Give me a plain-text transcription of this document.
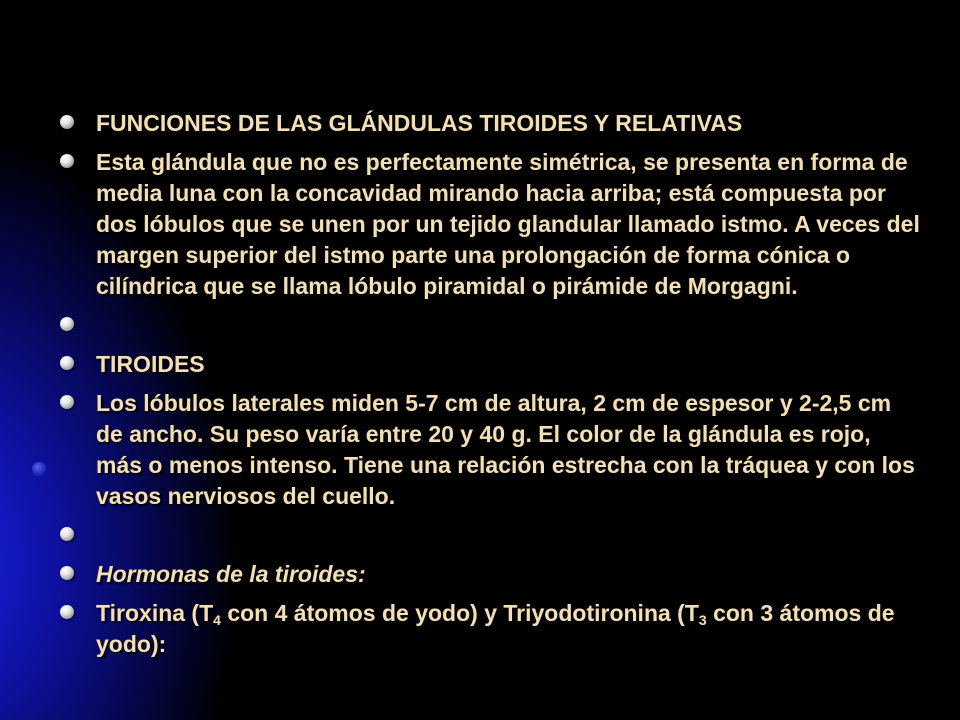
FUNCIONES DE LAS GLÁNDULAS TIROIDES Y RELATIVAS
Esta glándula que no es perfectamente simétrica, se presenta en forma de media luna con la concavidad mirando hacia arriba; está compuesta por dos lóbulos que se unen por un tejido glandular llamado istmo. A veces del margen superior del istmo parte una prolongación de forma cónica o cilíndrica que se llama lóbulo piramidal o pirámide de Morgagni.
TIROIDES
Los lóbulos laterales miden 5-7 cm de altura, 2 cm de espesor y 2-2,5 cm de ancho. Su peso varía entre 20 y 40 g. El color de la glándula es rojo, más o menos intenso. Tiene una relación estrecha con la tráquea y con los vasos nerviosos del cuello.
Hormonas de la tiroides:
Tiroxina ($T_4$ con 4 átomos de yodo) y Triyodotironina ($T_3$ con 3 átomos de yodo):
